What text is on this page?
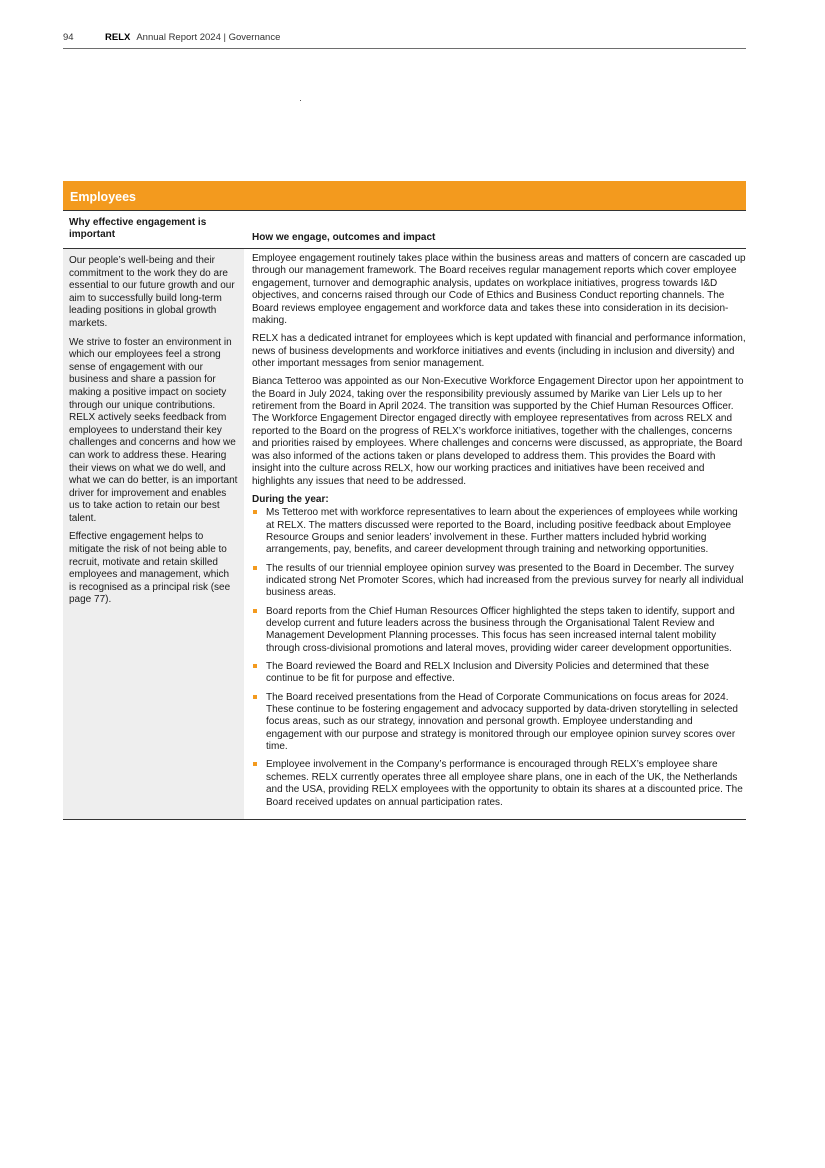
94	RELX Annual Report 2024 | Governance
Employees
Why effective engagement is important	How we engage, outcomes and impact

Our people’s well-being and their commitment to the work they do are essential to our future growth and our aim to successfully build long-term leading positions in global growth markets.

We strive to foster an environment in which our employees feel a strong sense of engagement with our business and share a passion for making a positive impact on society through our unique contributions. RELX actively seeks feedback from employees to understand their key challenges and concerns and how we can work to address these. Hearing their views on what we do well, and what we can do better, is an important driver for improvement and enables us to take action to retain our best talent.

Effective engagement helps to mitigate the risk of not being able to recruit, motivate and retain skilled employees and management, which is recognised as a principal risk (see page 77).

Employee engagement routinely takes place within the business areas and matters of concern are cascaded up through our management framework. The Board receives regular management reports which cover employee engagement, turnover and demographic analysis, updates on workplace initiatives, progress towards I&D objectives, and concerns raised through our Code of Ethics and Business Conduct reporting channels. The Board reviews employee engagement and workforce data and takes these into consideration in its decision-making.

RELX has a dedicated intranet for employees which is kept updated with financial and performance information, news of business developments and workforce initiatives and events (including in inclusion and diversity) and other important messages from senior management.

Bianca Tetteroo was appointed as our Non-Executive Workforce Engagement Director upon her appointment to the Board in July 2024, taking over the responsibility previously assumed by Marike van Lier Lels up to her retirement from the Board in April 2024. The transition was supported by the Chief Human Resources Officer. The Workforce Engagement Director engaged directly with employee representatives from across RELX and reported to the Board on the progress of RELX’s workforce initiatives, together with the challenges, concerns and priorities raised by employees. Where challenges and concerns were discussed, as appropriate, the Board was also informed of the actions taken or plans developed to address them. This provides the Board with insight into the culture across RELX, how our working practices and initiatives have been received and highlights any issues that need to be addressed.

During the year:

Ms Tetteroo met with workforce representatives to learn about the experiences of employees while working at RELX. The matters discussed were reported to the Board, including positive feedback about Employee Resource Groups and senior leaders’ involvement in these. Further matters included hybrid working arrangements, pay, benefits, and career development through training and networking opportunities.
The results of our triennial employee opinion survey was presented to the Board in December. The survey indicated strong Net Promoter Scores, which had increased from the previous survey for nearly all individual business areas.
Board reports from the Chief Human Resources Officer highlighted the steps taken to identify, support and develop current and future leaders across the business through the Organisational Talent Review and Management Development Planning processes. This focus has seen increased internal talent mobility through cross-divisional promotions and lateral moves, providing wider career development opportunities.
The Board reviewed the Board and RELX Inclusion and Diversity Policies and determined that these continue to be fit for purpose and effective.
The Board received presentations from the Head of Corporate Communications on focus areas for 2024. These continue to be fostering engagement and advocacy supported by data-driven storytelling in selected focus areas, such as our strategy, innovation and personal growth. Employee understanding and engagement with our purpose and strategy is monitored through our employee opinion survey scores over time.
Employee involvement in the Company’s performance is encouraged through RELX’s employee share schemes. RELX currently operates three all employee share plans, one in each of the UK, the Netherlands and the USA, providing RELX employees with the opportunity to obtain its shares at a discounted price. The Board received updates on annual participation rates.
